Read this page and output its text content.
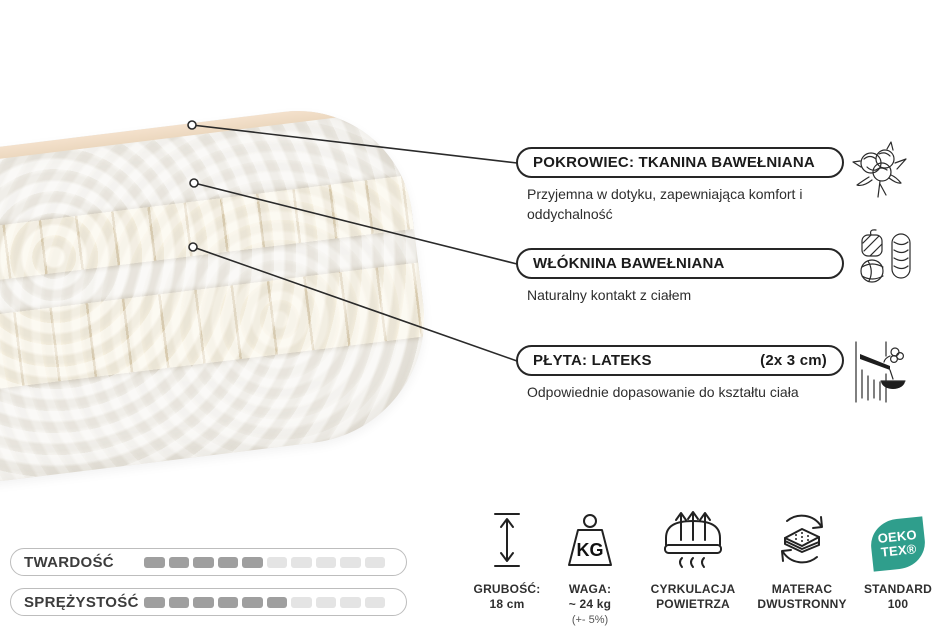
POKROWIEC: TKANINA BAWEŁNIANA
Przyjemna w dotyku, zapewniająca komfort i oddychalność
WŁÓKNINA BAWEŁNIANA
Naturalny kontakt z ciałem
PŁYTA: LATEKS	(2x 3 cm)
Odpowiednie dopasowanie do kształtu ciała
TWARDOŚĆ
SPRĘŻYSTOŚĆ
GRUBOŚĆ:
18 cm
KG
WAGA:
~ 24 kg
(+- 5%)
CYRKULACJA
POWIETRZA
MATERAC
DWUSTRONNY
OEKO
TEX®
STANDARD
100
